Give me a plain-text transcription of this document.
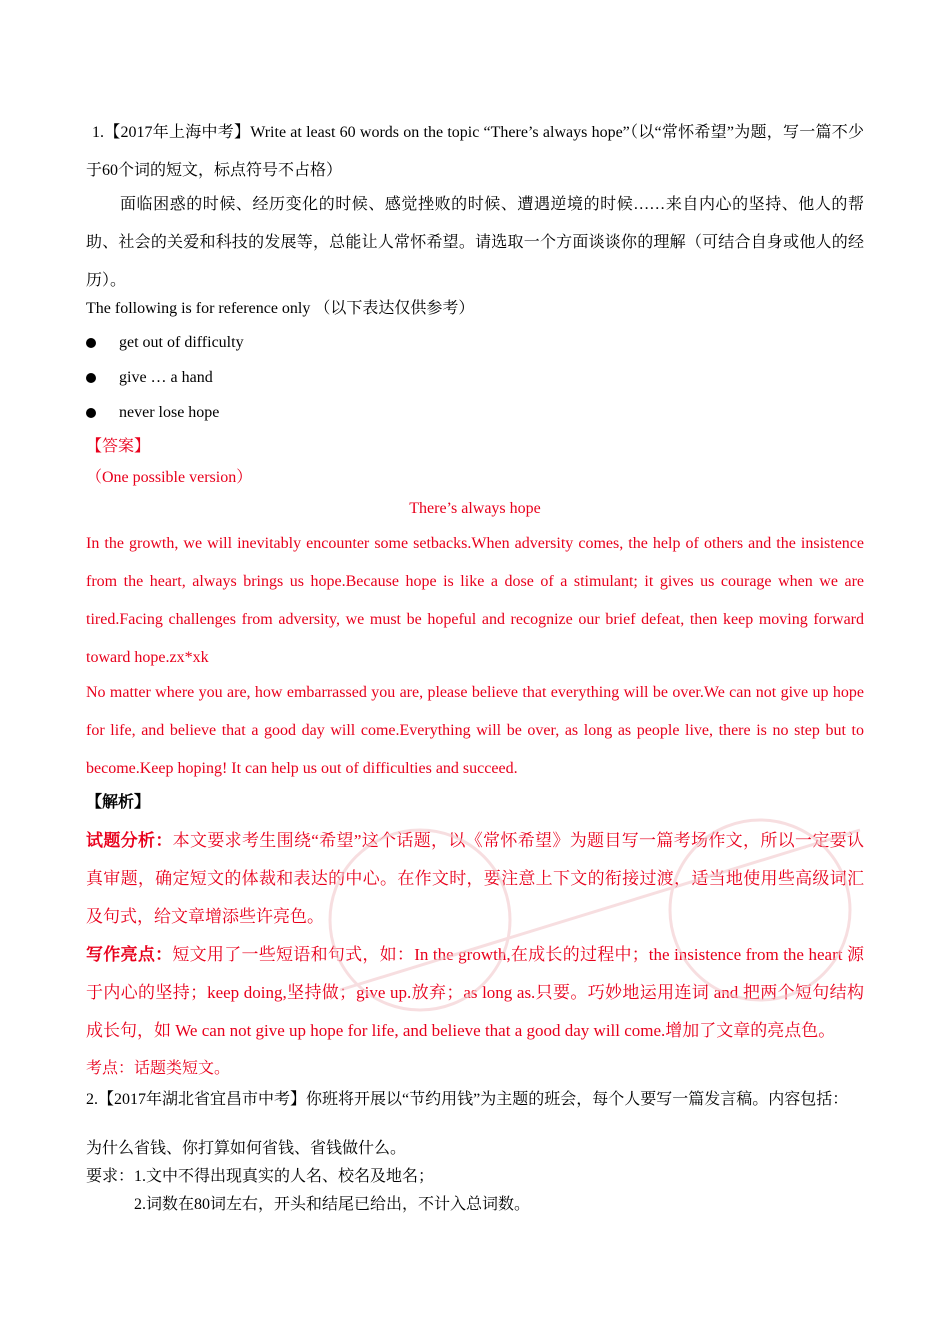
1.【2017年上海中考】Write at least 60 words on the topic “There’s always hope”（以“常怀希望”为题，写一篇不少于60个词的短文，标点符号不占格）
面临困惑的时候、经历变化的时候、感觉挫败的时候、遭遇逆境的时候……来自内心的坚持、他人的帮助、社会的关爱和科技的发展等，总能让人常怀希望。请选取一个方面谈谈你的理解（可结合自身或他人的经历）。
The following is for reference only （以下表达仅供参考）
get out of difficulty
give … a hand
never lose hope
【答案】
（One possible version）
There’s always hope
In the growth, we will inevitably encounter some setbacks.When adversity comes, the help of others and the insistence from the heart, always brings us hope.Because hope is like a dose of a stimulant; it gives us courage when we are tired.Facing challenges from adversity, we must be hopeful and recognize our brief defeat, then keep moving forward toward hope.zx*xk
No matter where you are, how embarrassed you are, please believe that everything will be over.We can not give up hope for life, and believe that a good day will come.Everything will be over, as long as people live, there is no step but to become.Keep hoping! It can help us out of difficulties and succeed.
【解析】
试题分析：本文要求考生围绕“希望”这个话题，以《常怀希望》为题目写一篇考场作文，所以一定要认真审题，确定短文的体裁和表达的中心。在作文时，要注意上下文的衔接过渡，适当地使用些高级词汇及句式，给文章增添些许亮色。
写作亮点：短文用了一些短语和句式，如：In the growth,在成长的过程中；the insistence from the heart 源于内心的坚持；keep doing,坚持做；give up.放弃；as long as.只要。巧妙地运用连词 and 把两个短句结构成长句，如 We can not give up hope for life, and believe that a good day will come.增加了文章的亮点色。
考点：话题类短文。
2.【2017年湖北省宜昌市中考】你班将开展以“节约用钱”为主题的班会，每个人要写一篇发言稿。内容包括：
为什么省钱、你打算如何省钱、省钱做什么。
要求：1.文中不得出现真实的人名、校名及地名；
2.词数在80词左右，开头和结尾已给出，不计入总词数。
